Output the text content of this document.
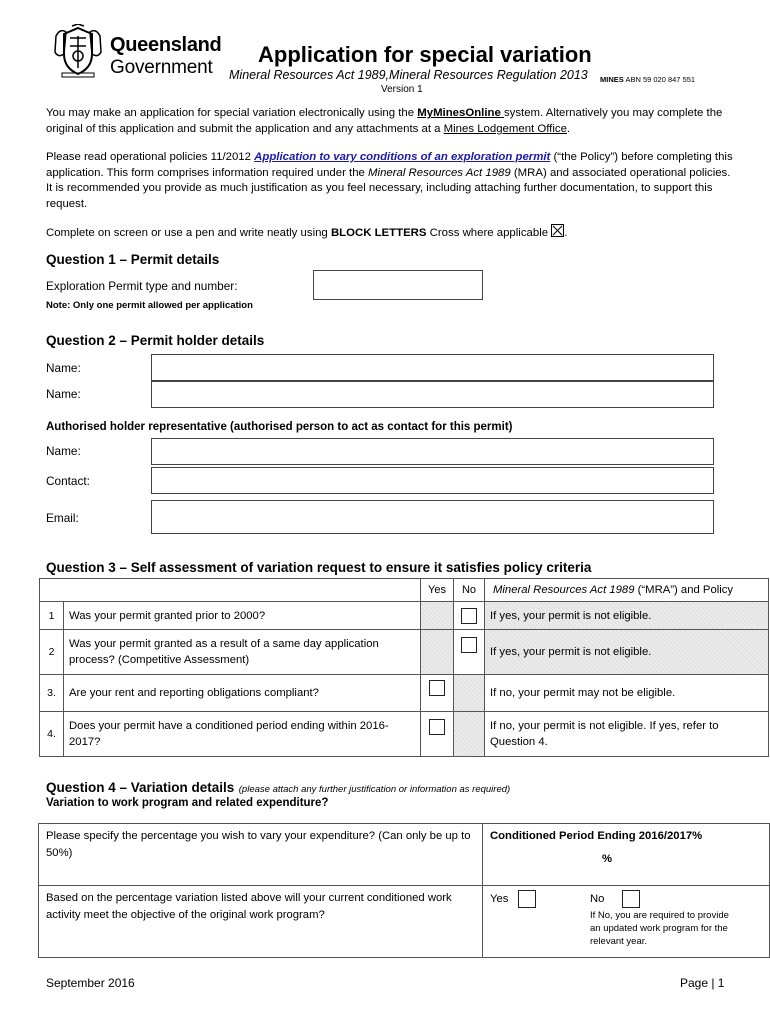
Queensland
Government
Application for special variation
Mineral Resources Act 1989,Mineral Resources Regulation 2013
Version 1
MINES ABN 59 020 847 551
You may make an application for special variation electronically using the MyMinesOnline system. Alternatively you may complete the original of this application and submit the application and any attachments at a Mines Lodgement Office.
Please read operational policies 11/2012 Application to vary conditions of an exploration permit (“the Policy”) before completing this application. This form comprises information required under the Mineral Resources Act 1989 (MRA) and associated operational policies. It is recommended you provide as much justification as you feel necessary, including attaching further documentation, to support this request.
Complete on screen or use a pen and write neatly using BLOCK LETTERS Cross where applicable ☒.
Question 1 – Permit details
Exploration Permit type and number:
Note: Only one permit allowed per application
Question 2 – Permit holder details
Name:
Name:
Authorised holder representative (authorised person to act as contact for this permit)
Name:
Contact:
Email:
Question 3 – Self assessment of variation request to ensure it satisfies policy criteria
		Yes	No	Mineral Resources Act 1989 (“MRA”) and Policy
1	Was your permit granted prior to 2000?			If yes, your permit is not eligible.
2	Was your permit granted as a result of a same day application process? (Competitive Assessment)			If yes, your permit is not eligible.
3.	Are your rent and reporting obligations compliant?			If no, your permit may not be eligible.
4.	Does your permit have a conditioned period ending within 2016-2017?			If no, your permit is not eligible. If yes, refer to Question 4.
Question 4 – Variation details (please attach any further justification or information as required)
Variation to work program and related expenditure?
Please specify the percentage you wish to vary your expenditure? (Can only be up to 50%)	Conditioned Period Ending 2016/2017%
%

Based on the percentage variation listed above will your current conditioned work activity meet the objective of the original work program?	Yes No
If No, you are required to provide an updated work program for the relevant year.
September 2016	Page | 1
